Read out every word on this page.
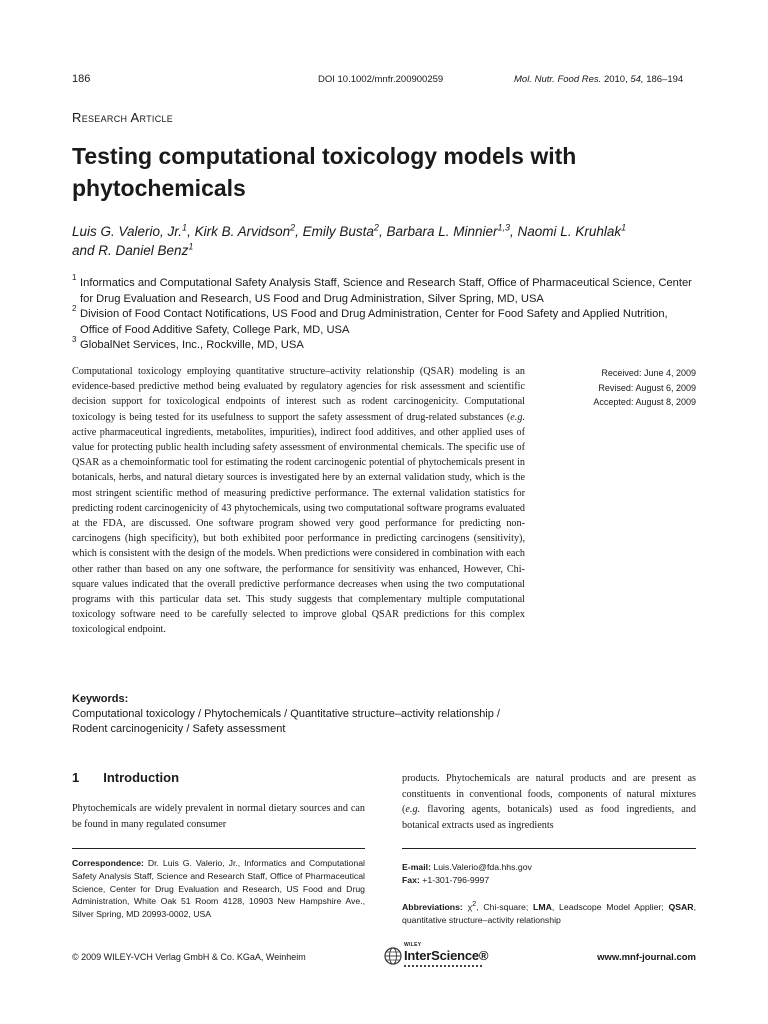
186	DOI 10.1002/mnfr.200900259	Mol. Nutr. Food Res. 2010, 54, 186–194
Research Article
Testing computational toxicology models with phytochemicals
Luis G. Valerio, Jr.$^1$, Kirk B. Arvidson$^2$, Emily Busta$^2$, Barbara L. Minnier$^{1,3}$, Naomi L. Kruhlak$^1$
and R. Daniel Benz$^1$
1 Informatics and Computational Safety Analysis Staff, Science and Research Staff, Office of Pharmaceutical Science, Center for Drug Evaluation and Research, US Food and Drug Administration, Silver Spring, MD, USA
2 Division of Food Contact Notifications, US Food and Drug Administration, Center for Food Safety and Applied Nutrition, Office of Food Additive Safety, College Park, MD, USA
3 GlobalNet Services, Inc., Rockville, MD, USA
Computational toxicology employing quantitative structure–activity relationship (QSAR) modeling is an evidence-based predictive method being evaluated by regulatory agencies for risk assessment and scientific decision support for toxicological endpoints of interest such as rodent carcinogenicity. Computational toxicology is being tested for its usefulness to support the safety assessment of drug-related substances (e.g. active pharmaceutical ingredients, metabolites, impurities), indirect food additives, and other applied uses of value for protecting public health including safety assessment of environmental chemicals. The specific use of QSAR as a chemoinformatic tool for estimating the rodent carcinogenic potential of phytochemicals present in botanicals, herbs, and natural dietary sources is investigated here by an external validation study, which is the most stringent scientific method of measuring predictive performance. The external validation statistics for predicting rodent carcinogenicity of 43 phytochemicals, using two computational software programs evaluated at the FDA, are discussed. One software program showed very good performance for predicting non-carcinogens (high specificity), but both exhibited poor performance in predicting carcinogens (sensitivity), which is consistent with the design of the models. When predictions were considered in combination with each other rather than based on any one software, the performance for sensitivity was enhanced, However, Chi-square values indicated that the overall predictive performance decreases when using the two computational programs with this particular data set. This study suggests that complementary multiple computational toxicology software need to be carefully selected to improve global QSAR predictions for this complex toxicological endpoint.
Received: June 4, 2009
Revised: August 6, 2009
Accepted: August 8, 2009
Keywords:
Computational toxicology / Phytochemicals / Quantitative structure–activity relationship / Rodent carcinogenicity / Safety assessment
1 Introduction
Phytochemicals are widely prevalent in normal dietary sources and can be found in many regulated consumer
products. Phytochemicals are natural products and are present as constituents in conventional foods, components of natural mixtures (e.g. flavoring agents, botanicals) used as food ingredients, and botanical extracts used as ingredients
Correspondence: Dr. Luis G. Valerio, Jr., Informatics and Computational Safety Analysis Staff, Science and Research Staff, Office of Pharmaceutical Science, Center for Drug Evaluation and Research, US Food and Drug Administration, White Oak 51 Room 4128, 10903 New Hampshire Ave., Silver Spring, MD 20993-0002, USA
E-mail: Luis.Valerio@fda.hhs.gov
Fax: +1-301-796-9997
Abbreviations: $\chi^2$, Chi-square; LMA, Leadscope Model Applier; QSAR, quantitative structure–activity relationship
© 2009 WILEY-VCH Verlag GmbH & Co. KGaA, Weinheim
WILEY
InterScience®	www.mnf-journal.com
